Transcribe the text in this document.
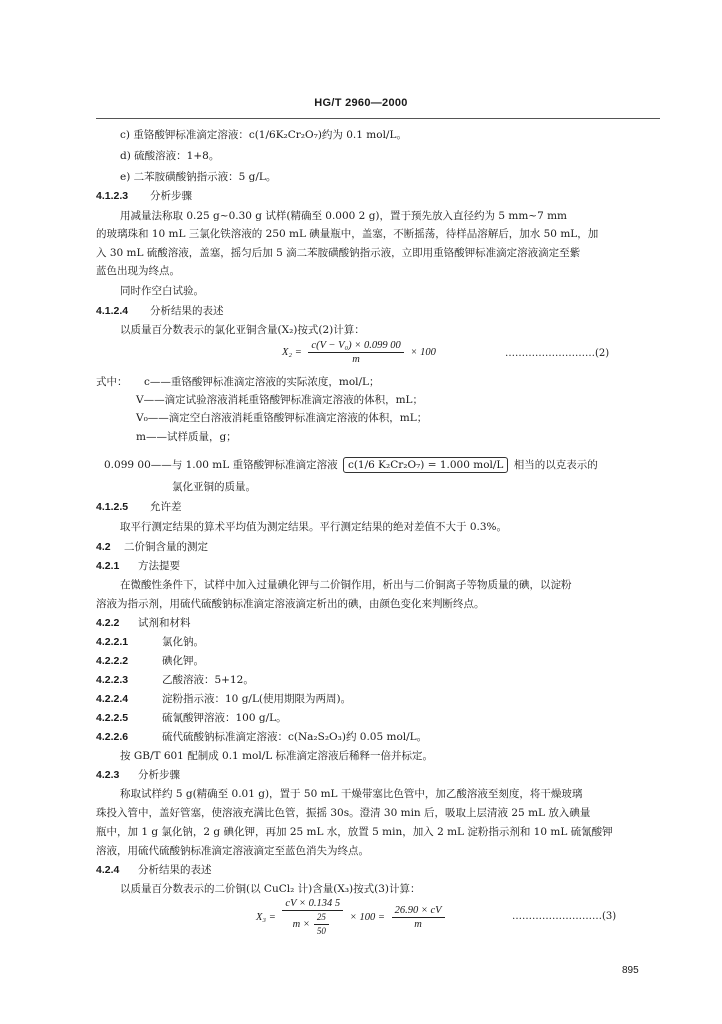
HG/T 2960—2000
c) 重铬酸钾标准滴定溶液：c(1/6K₂Cr₂O₇)约为 0.1 mol/L。
d) 硫酸溶液：1+8。
e) 二苯胺磺酸钠指示液：5 g/L。
4.1.2.3 分析步骤
用减量法称取 0.25 g~0.30 g 试样(精确至 0.000 2 g)，置于预先放入直径约为 5 mm~7 mm
的玻璃珠和 10 mL 三氯化铁溶液的 250 mL 碘量瓶中，盖塞，不断摇荡，待样品溶解后，加水 50 mL，加
入 30 mL 硫酸溶液，盖塞，摇匀后加 5 滴二苯胺磺酸钠指示液，立即用重铬酸钾标准滴定溶液滴定至紫
蓝色出现为终点。
同时作空白试验。
4.1.2.4 分析结果的表述
以质量百分数表示的氯化亚铜含量(X₂)按式(2)计算：
$X_2 = \frac{\text{c(V − V₀) × 0.099 00}}{m} \times 100$	………………………(2)
式中： c——重铬酸钾标准滴定溶液的实际浓度，mol/L；
V——滴定试验溶液消耗重铬酸钾标准滴定溶液的体积，mL；
V₀——滴定空白溶液消耗重铬酸钾标准滴定溶液的体积，mL；
m——试样质量，g；
0.099 00——与 1.00 mL 重铬酸钾标准滴定溶液 c(1/6 K₂Cr₂O₇) = 1.000 mol/L 相当的以克表示的
氯化亚铜的质量。
4.1.2.5 允许差
取平行测定结果的算术平均值为测定结果。平行测定结果的绝对差值不大于 0.3%。
4.2 二价铜含量的测定
4.2.1 方法提要
在微酸性条件下，试样中加入过量碘化钾与二价铜作用，析出与二价铜离子等物质量的碘，以淀粉
溶液为指示剂，用硫代硫酸钠标准滴定溶液滴定析出的碘，由颜色变化来判断终点。
4.2.2 试剂和材料
4.2.2.1	氯化钠。
4.2.2.2	碘化钾。
4.2.2.3	乙酸溶液：5+12。
4.2.2.4	淀粉指示液：10 g/L(使用期限为两周)。
4.2.2.5	硫氰酸钾溶液：100 g/L。
4.2.2.6	硫代硫酸钠标准滴定溶液：c(Na₂S₂O₃)约 0.05 mol/L。
按 GB/T 601 配制成 0.1 mol/L 标准滴定溶液后稀释一倍并标定。
4.2.3 分析步骤
称取试样约 5 g(精确至 0.01 g)，置于 50 mL 干燥带塞比色管中，加乙酸溶液至刻度，将干燥玻璃
珠投入管中，盖好管塞，使溶液充满比色管，振摇 30s。澄清 30 min 后，吸取上层清液 25 mL 放入碘量
瓶中，加 1 g 氯化钠，2 g 碘化钾，再加 25 mL 水，放置 5 min，加入 2 mL 淀粉指示剂和 10 mL 硫氰酸钾
溶液，用硫代硫酸钠标准滴定溶液滴定至蓝色消失为终点。
4.2.4 分析结果的表述
以质量百分数表示的二价铜(以 CuCl₂ 计)含量(X₃)按式(3)计算：
$X_3 = \frac{cV \times 0.134 5}{m \times \frac{25}{50}} \times 100 = \frac{26.90 \times cV}{m}$	………………………(3)
895
